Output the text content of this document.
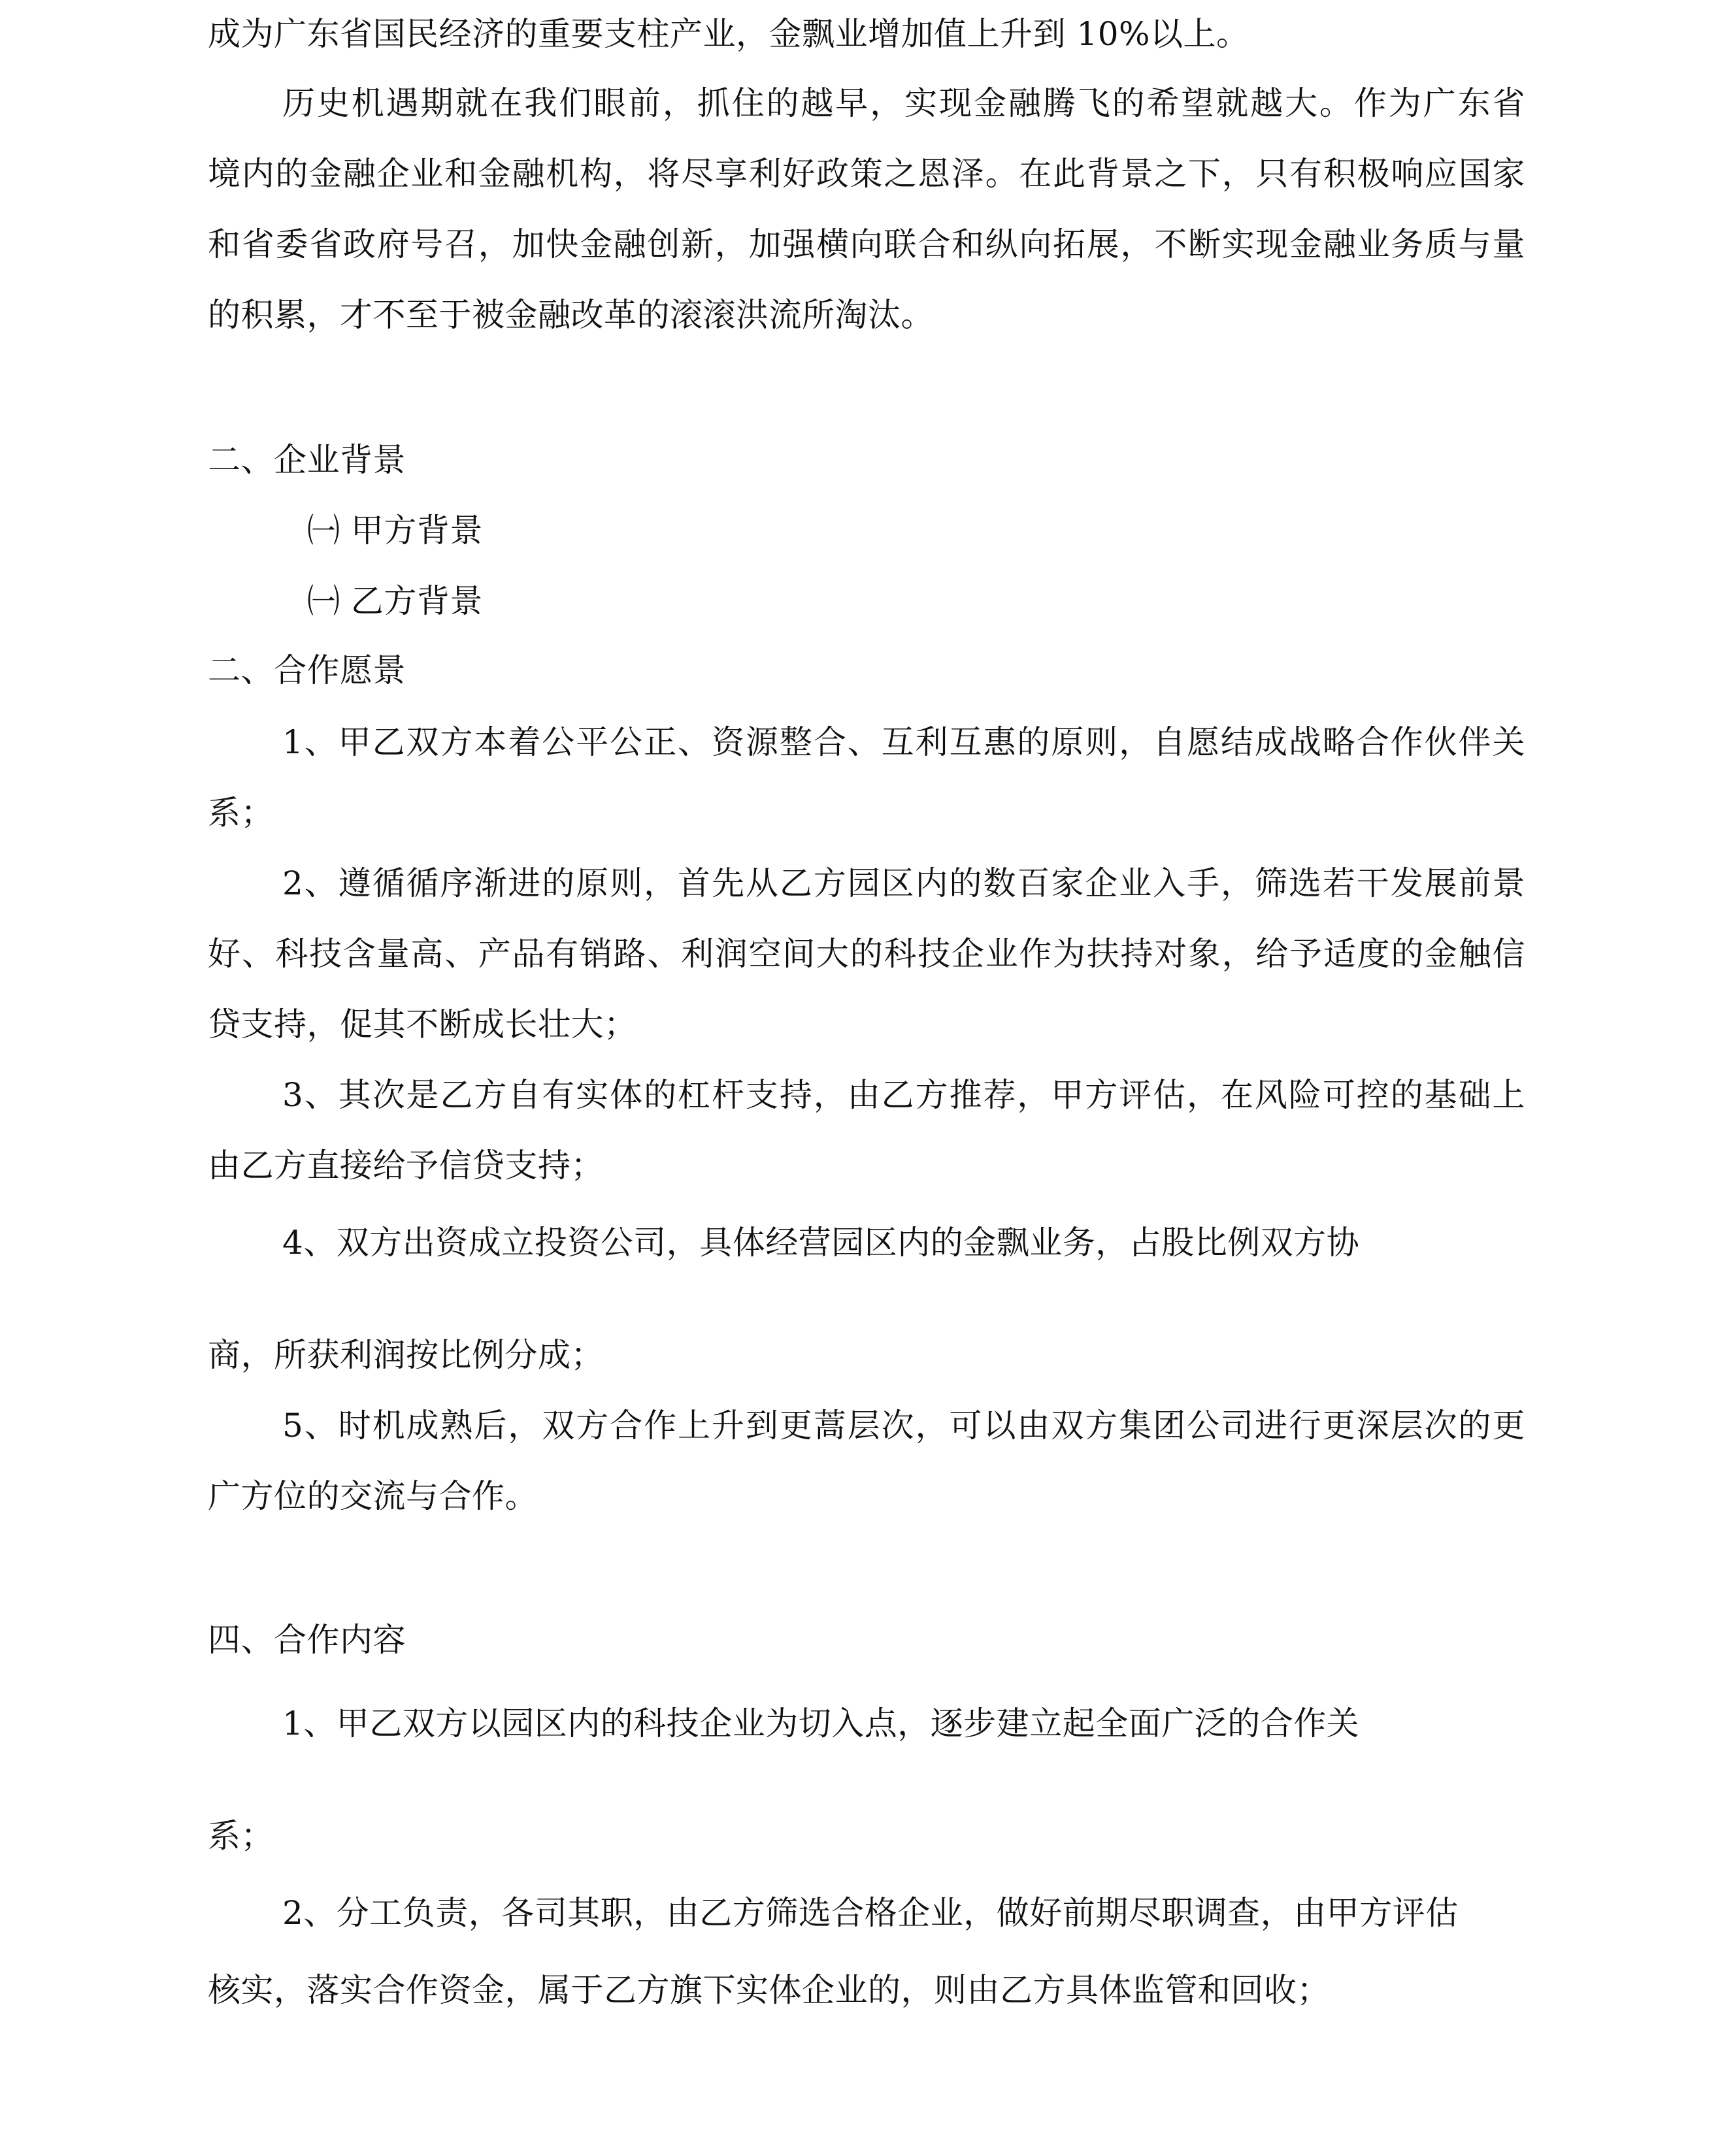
成为广东省国民经济的重要支柱产业，金飘业增加值上升到 10%以上。
历史机遇期就在我们眼前，抓住的越早，实现金融腾飞的希望就越大。作为广东省
境内的金融企业和金融机构，将尽享利好政策之恩泽。在此背景之下，只有积极响应国家
和省委省政府号召，加快金融创新，加强横向联合和纵向拓展，不断实现金融业务质与量
的积累，才不至于被金融改革的滚滚洪流所淘汰。
二、企业背景
㈠ 甲方背景
㈠ 乙方背景
二、合作愿景
1、甲乙双方本着公平公正、资源整合、互利互惠的原则，自愿结成战略合作伙伴关
系；
2、遵循循序渐进的原则，首先从乙方园区内的数百家企业入手，筛选若干发展前景
好、科技含量高、产品有销路、利润空间大的科技企业作为扶持对象，给予适度的金触信
贷支持，促其不断成长壮大；
3、其次是乙方自有实体的杠杆支持，由乙方推荐，甲方评估，在风险可控的基础上
由乙方直接给予信贷支持；
4、双方出资成立投资公司，具体经营园区内的金飘业务，占股比例双方协
商，所获利润按比例分成；
5、时机成熟后，双方合作上升到更蒿层次，可以由双方集团公司进行更深层次的更
广方位的交流与合作。
四、合作内容
1、甲乙双方以园区内的科技企业为切入点，逐步建立起全面广泛的合作关
系；
2、分工负责，各司其职，由乙方筛选合格企业，做好前期尽职调查，由甲方评估
核实，落实合作资金，属于乙方旗下实体企业的，则由乙方具体监管和回收；
